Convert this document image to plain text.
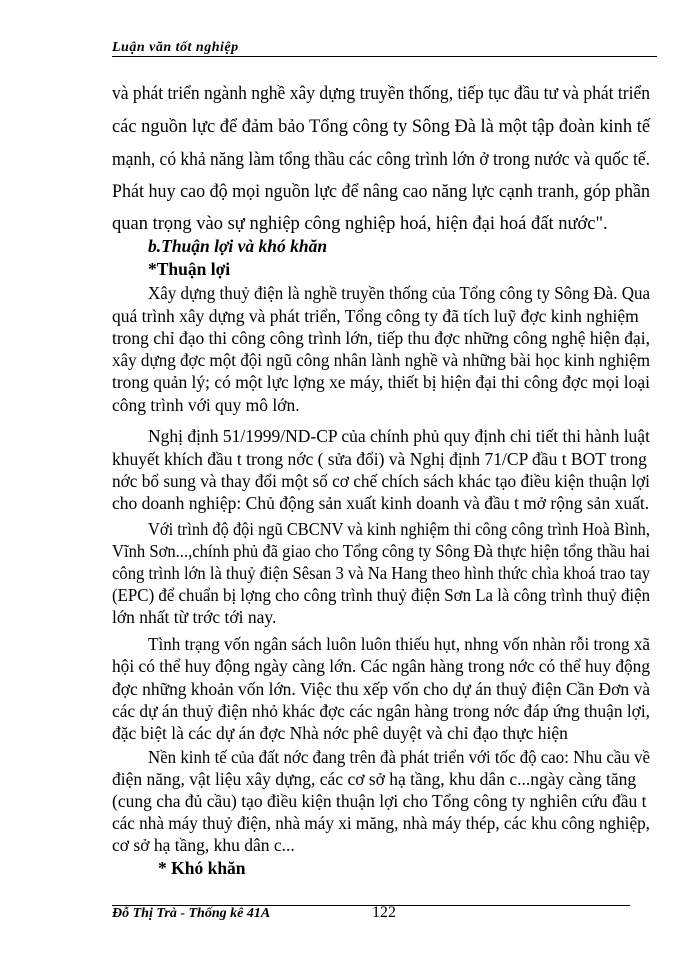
Luận văn tốt nghiệp
và phát triển ngành nghề xây dựng truyền thống, tiếp tục đầu tư và phát triển
các nguồn lực để đảm bảo Tổng công ty Sông Đà là một tập đoàn kinh tế
mạnh, có khả năng làm tổng thầu các công trình lớn ở trong nước và quốc tế.
Phát huy cao độ mọi nguồn lực để nâng cao năng lực cạnh tranh, góp phần
quan trọng vào sự nghiệp công nghiệp hoá, hiện đại hoá đất nước".
b.Thuận lợi và khó khăn
*Thuận lợi
Xây dựng thuỷ điện là nghề truyền thống của Tổng công ty Sông Đà. Qua
quá trình xây dựng và phát triển, Tổng công ty đã tích luỹ đợc kinh nghiệm
trong chỉ đạo thi công công trình lớn, tiếp thu đợc những công nghệ hiện đại,
xây dựng đợc một đội ngũ công nhân lành nghề và những bài học kinh nghiệm
trong quản lý; có một lực lợng xe máy, thiết bị hiện đại thi công đợc mọi loại
công trình với quy mô lớn.
Nghị định 51/1999/ND-CP của chính phủ quy định chi tiết thi hành luật
khuyết khích đầu t trong nớc ( sửa đổi) và Nghị định 71/CP đầu t BOT trong
nớc bổ sung và thay đổi một số cơ chế chích sách khác tạo điều kiện thuận lợi
cho doanh nghiệp: Chủ động sản xuất kinh doanh và đầu t mở rộng sản xuất.
Với trình độ đội ngũ CBCNV và kinh nghiệm thi công công trình Hoà Bình,
Vĩnh Sơn...,chính phủ đã giao cho Tổng công ty Sông Đà thực hiện tổng thầu hai
công trình lớn là thuỷ điện Sêsan 3 và Na Hang theo hình thức chìa khoá trao tay
(EPC) để chuẩn bị lợng cho công trình thuỷ điện Sơn La là công trình thuỷ điện
lớn nhất từ trớc tới nay.
Tình trạng vốn ngân sách luôn luôn thiếu hụt, nhng vốn nhàn rỗi trong xã
hội có thể huy động ngày càng lớn. Các ngân hàng trong nớc có thể huy động
đợc những khoản vốn lớn. Việc thu xếp vốn cho dự án thuỷ điện Cần Đơn và
các dự án thuỷ điện nhỏ khác đợc các ngân hàng trong nớc đáp ứng thuận lợi,
đặc biệt là các dự án đợc Nhà nớc phê duyệt và chỉ đạo thực hiện
Nền kinh tế của đất nớc đang trên đà phát triển với tốc độ cao: Nhu cầu về
điện năng, vật liệu xây dựng, các cơ sở hạ tầng, khu dân c...ngày càng tăng
(cung cha đủ cầu) tạo điều kiện thuận lợi cho Tổng công ty nghiên cứu đầu t
các nhà máy thuỷ điện, nhà máy xi măng, nhà máy thép, các khu công nghiệp,
cơ sở hạ tầng, khu dân c...
* Khó khăn
Đỗ Thị Trà - Thống kê 41A	122
